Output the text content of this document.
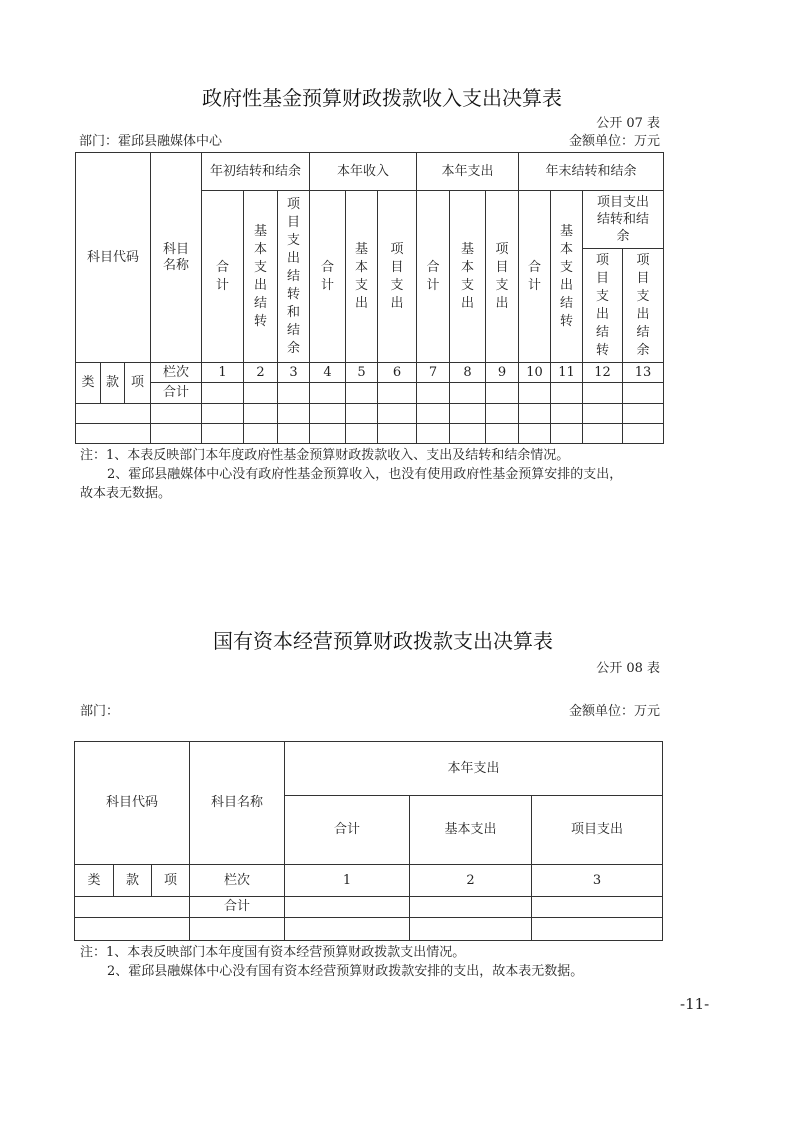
政府性基金预算财政拨款收入支出决算表
公开 07 表
部门：霍邱县融媒体中心	金额单位：万元
科目代码			科目名称	年初结转和结余			本年收入			本年支出			年末结转和结余			
				合计	基本支出结转	项目支出结转和结余	合计	基本支出	项目支出	合计	基本支出	项目支出	合计	基本支出结转	项目支出结转和结余	
															项目支出结转	项目支出结余
类	款	项	栏次	1	2	3	4	5	6	7	8	9	10	11	12	13
			合计													

注：1、本表反映部门本年度政府性基金预算财政拨款收入、支出及结转和结余情况。
2、霍邱县融媒体中心没有政府性基金预算收入，也没有使用政府性基金预算安排的支出，
故本表无数据。
国有资本经营预算财政拨款支出决算表
公开 08 表
部门：	金额单位：万元
科目代码			科目名称	本年支出		
				合计	基本支出	项目支出
类	款	项	栏次	1	2	3
			合计			

注：1、本表反映部门本年度国有资本经营预算财政拨款支出情况。
2、霍邱县融媒体中心没有国有资本经营预算财政拨款安排的支出，故本表无数据。
-11-
